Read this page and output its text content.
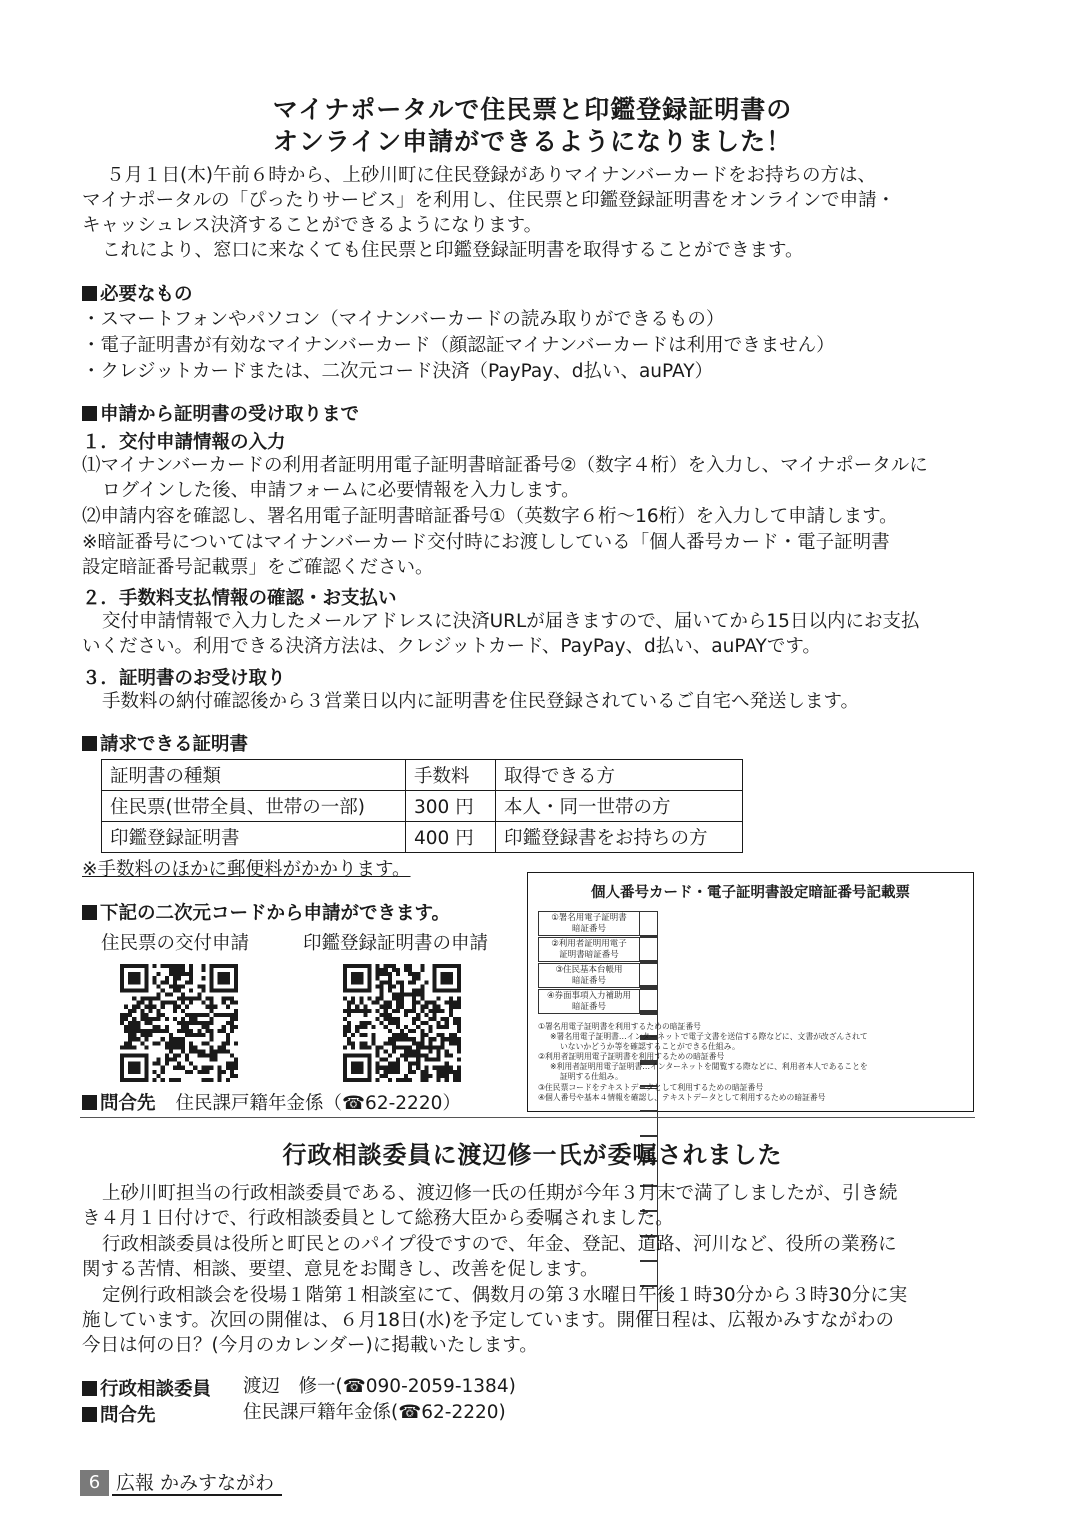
マイナポータルで住民票と印鑑登録証明書の
オンライン申請ができるようになりました！
５月１日(木)午前６時から、上砂川町に住民登録がありマイナンバーカードをお持ちの方は、
マイナポータルの「ぴったりサービス」を利用し、住民票と印鑑登録証明書をオンラインで申請・
キャッシュレス決済することができるようになります。
これにより、窓口に来なくても住民票と印鑑登録証明書を取得することができます。
必要なもの
・スマートフォンやパソコン（マイナンバーカードの読み取りができるもの）
・電子証明書が有効なマイナンバーカード（顔認証マイナンバーカードは利用できません）
・クレジットカードまたは、二次元コード決済（PayPay、d払い、auPAY）
申請から証明書の受け取りまで
１．交付申請情報の入力
⑴マイナンバーカードの利用者証明用電子証明書暗証番号②（数字４桁）を入力し、マイナポータルに
ログインした後、申請フォームに必要情報を入力します。
⑵申請内容を確認し、署名用電子証明書暗証番号①（英数字６桁～16桁）を入力して申請します。
※暗証番号についてはマイナンバーカード交付時にお渡ししている「個人番号カード・電子証明書
設定暗証番号記載票」をご確認ください。
２．手数料支払情報の確認・お支払い
交付申請情報で入力したメールアドレスに決済URLが届きますので、届いてから15日以内にお支払
いください。利用できる決済方法は、クレジットカード、PayPay、d払い、auPAYです。
３．証明書のお受け取り
手数料の納付確認後から３営業日以内に証明書を住民登録されているご自宅へ発送します。
請求できる証明書
証明書の種類	手数料	取得できる方
住民票(世帯全員、世帯の一部)	300 円	本人・同一世帯の方
印鑑登録証明書	400 円	印鑑登録書をお持ちの方
※手数料のほかに郵便料がかかります。
下記の二次元コードから申請ができます。
住民票の交付申請	印鑑登録証明書の申請
問合先 住民課戸籍年金係（☎62-2220）
個人番号カード・電子証明書設定暗証番号記載票
①署名用電子証明書
暗証番号
②利用者証明用電子
証明書暗証番号
③住民基本台帳用
暗証番号
④券面事項入力補助用
暗証番号
①署名用電子証明書を利用するための暗証番号
※署名用電子証明書…インターネットで電子文書を送信する際などに、文書が改ざんされて
いないかどうか等を確認することができる仕組み。
②利用者証明用電子証明書を利用するための暗証番号
※利用者証明用電子証明書…インターネットを閲覧する際などに、利用者本人であることを
証明する仕組み。
③住民票コードをテキストデータとして利用するための暗証番号
④個人番号や基本４情報を確認し、テキストデータとして利用するための暗証番号
行政相談委員に渡辺修一氏が委嘱されました
上砂川町担当の行政相談委員である、渡辺修一氏の任期が今年３月末で満了しましたが、引き続
き４月１日付けで、行政相談委員として総務大臣から委嘱されました。
行政相談委員は役所と町民とのパイプ役ですので、年金、登記、道路、河川など、役所の業務に
関する苦情、相談、要望、意見をお聞きし、改善を促します。
定例行政相談会を役場１階第１相談室にて、偶数月の第３水曜日午後１時30分から３時30分に実
施しています。次回の開催は、６月18日(水)を予定しています。開催日程は、広報かみすながわの
今日は何の日？(今月のカレンダー)に掲載いたします。
行政相談委員 渡辺　修一(☎090-2059-1384)
問合先	住民課戸籍年金係(☎62-2220)
6 広報 かみすながわ
